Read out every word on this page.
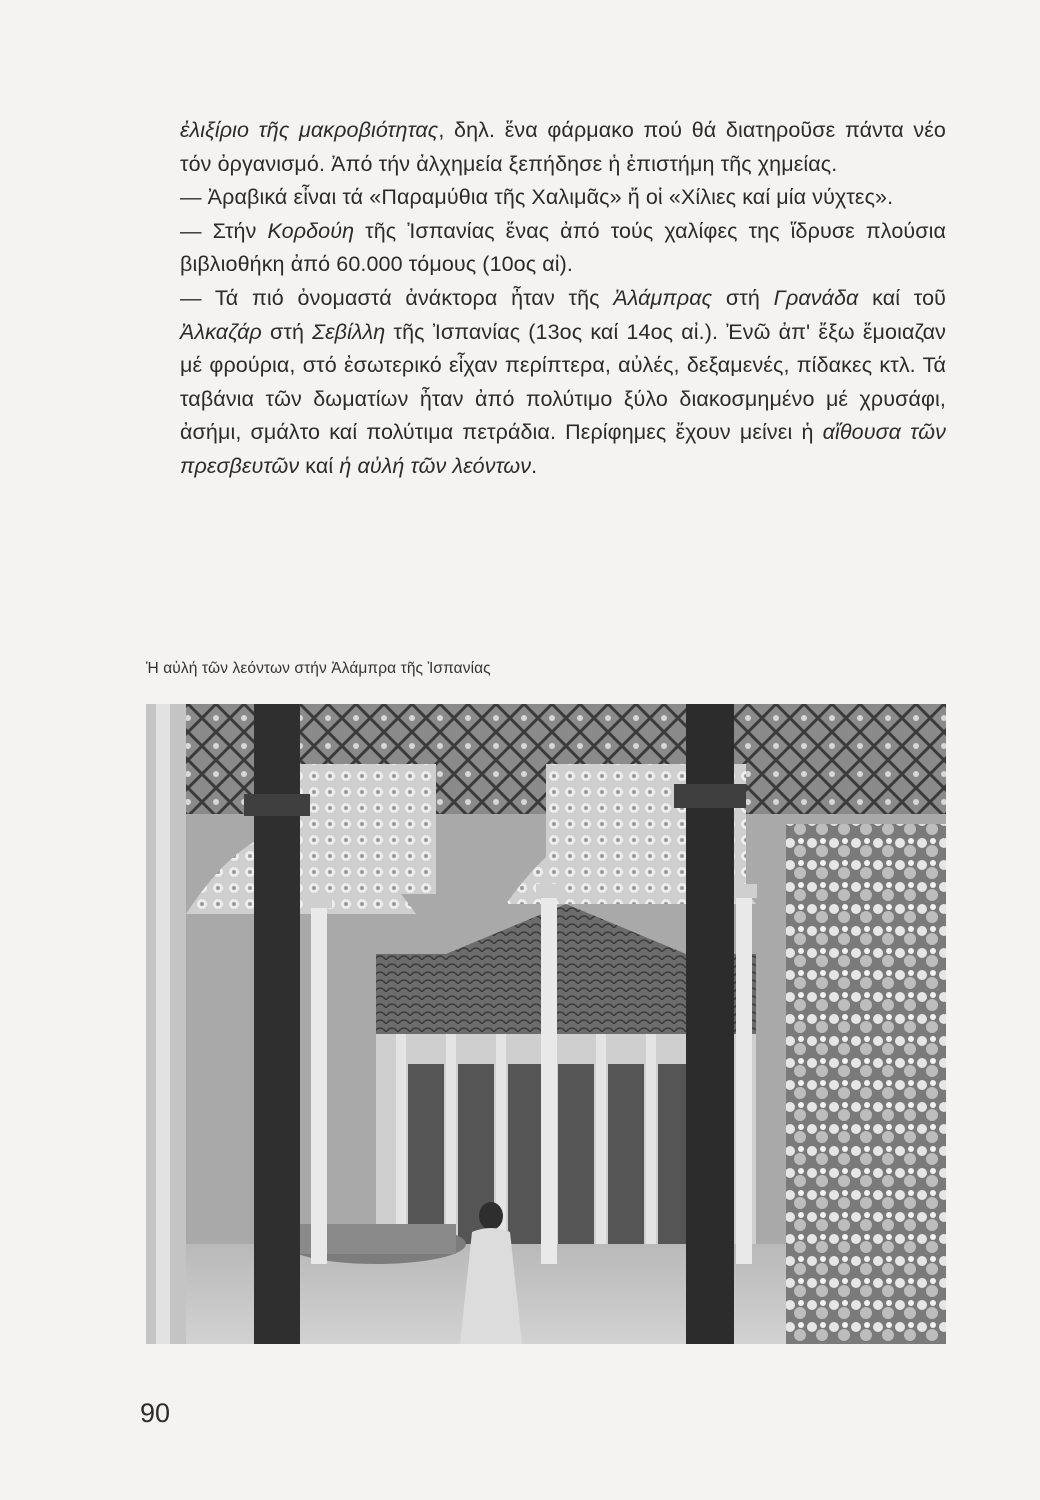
ἐλιξίριο τῆς μακροβιότητας, δηλ. ἕνα φάρμακο πού θά διατηροῦσε πάντα νέο τόν ὀργανισμό. Ἀπό τήν ἀλχημεία ξεπήδησε ἡ ἐπιστήμη τῆς χημείας.

— Ἀραβικά εἶναι τά «Παραμύθια τῆς Χαλιμᾶς» ἤ οἱ «Χίλιες καί μία νύχτες».

— Στήν Κορδούη τῆς Ἰσπανίας ἕνας ἀπό τούς χαλίφες της ἵδρυσε πλούσια βιβλιοθήκη ἀπό 60.000 τόμους (10ος αἰ).

— Τά πιό ὀνομαστά ἀνάκτορα ἦταν τῆς Ἀλάμπρας στή Γρανάδα καί τοῦ Ἀλκαζάρ στή Σεβίλλη τῆς Ἰσπανίας (13ος καί 14ος αἰ.). Ἐνῶ ἀπ' ἔξω ἔμοιαζαν μέ φρούρια, στό ἐσωτερικό εἶχαν περίπτερα, αὐλές, δεξαμενές, πίδακες κτλ. Τά ταβάνια τῶν δωματίων ἦταν ἀπό πολύτιμο ξύλο διακοσμημένο μέ χρυσάφι, ἀσήμι, σμάλτο καί πολύτιμα πετράδια. Περίφημες ἔχουν μείνει ἡ αἴθουσα τῶν πρεσβευτῶν καί ἡ αὐλή τῶν λεόντων.

Ἡ αὐλή τῶν λεόντων στήν Ἀλάμπρα τῆς Ἰσπανίας
90
